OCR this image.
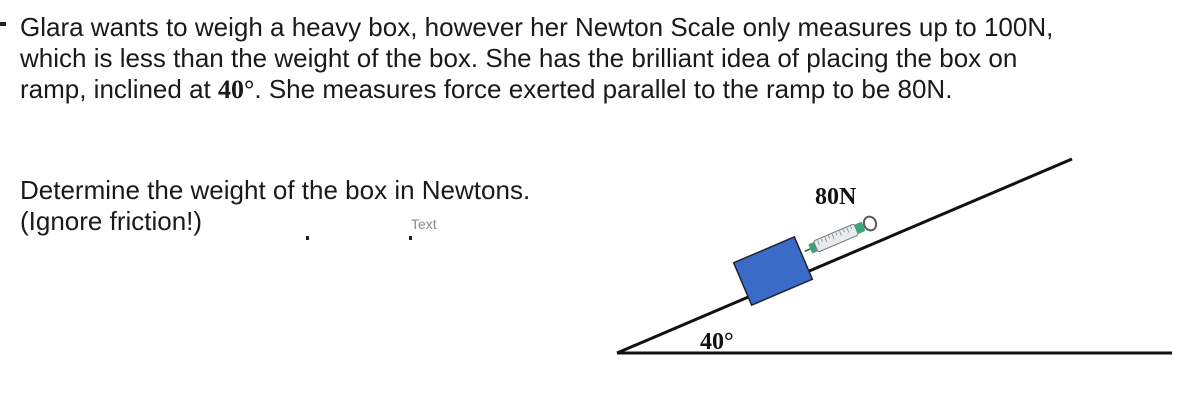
Glara wants to weigh a heavy box, however her Newton Scale only measures up to 100N, which is less than the weight of the box. She has the brilliant idea of placing the box on ramp, inclined at 40°. She measures force exerted parallel to the ramp to be 80N.

Determine the weight of the box in Newtons.
(Ignore friction!)	Text
80N
40°
